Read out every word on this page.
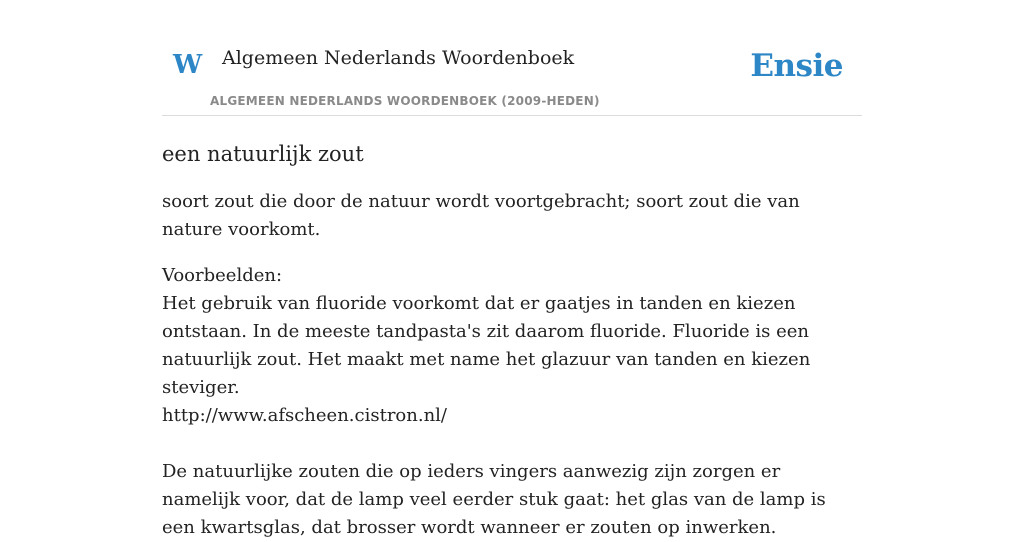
W Algemeen Nederlands Woordenboek
ALGEMEEN NEDERLANDS WOORDENBOEK (2009-HEDEN)
Ensie
een natuurlijk zout

soort zout die door de natuur wordt voortgebracht; soort zout die van nature voorkomt.

Voorbeelden:

Het gebruik van fluoride voorkomt dat er gaatjes in tanden en kiezen ontstaan. In de meeste tandpasta's zit daarom fluoride. Fluoride is een natuurlijk zout. Het maakt met name het glazuur van tanden en kiezen steviger.

http://www.afscheen.cistron.nl/

De natuurlijke zouten die op ieders vingers aanwezig zijn zorgen er namelijk voor, dat de lamp veel eerder stuk gaat: het glas van de lamp is een kwartsglas, dat brosser wordt wanneer er zouten op inwerken.
